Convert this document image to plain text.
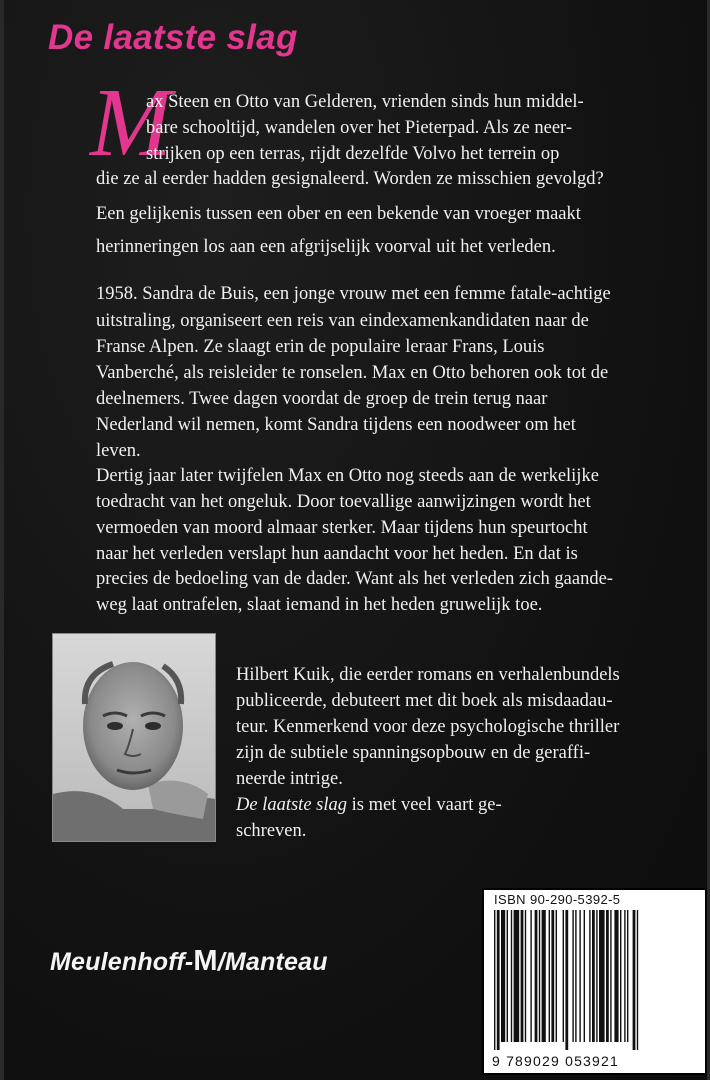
De laatste slag
M
ax Steen en Otto van Gelderen, vrienden sinds hun middel-
bare schooltijd, wandelen over het Pieterpad. Als ze neer-
strijken op een terras, rijdt dezelfde Volvo het terrein op
die ze al eerder hadden gesignaleerd. Worden ze misschien gevolgd?
Een gelijkenis tussen een ober en een bekende van vroeger maakt
herinneringen los aan een afgrijselijk voorval uit het verleden.
1958. Sandra de Buis, een jonge vrouw met een femme fatale-achtige
uitstraling, organiseert een reis van eindexamenkandidaten naar de
Franse Alpen. Ze slaagt erin de populaire leraar Frans, Louis
Vanberché, als reisleider te ronselen. Max en Otto behoren ook tot de
deelnemers. Twee dagen voordat de groep de trein terug naar
Nederland wil nemen, komt Sandra tijdens een noodweer om het
leven.
Dertig jaar later twijfelen Max en Otto nog steeds aan de werkelijke
toedracht van het ongeluk. Door toevallige aanwijzingen wordt het
vermoeden van moord almaar sterker. Maar tijdens hun speurtocht
naar het verleden verslapt hun aandacht voor het heden. En dat is
precies de bedoeling van de dader. Want als het verleden zich gaande-
weg laat ontrafelen, slaat iemand in het heden gruwelijk toe.
Hilbert Kuik, die eerder romans en verhalenbundels
publiceerde, debuteert met dit boek als misdaadau-
teur. Kenmerkend voor deze psychologische thriller
zijn de subtiele spanningsopbouw en de geraffi-
neerde intrige.
De laatste slag is met veel vaart ge-
schreven.
Meulenhoff-M/Manteau
ISBN 90-290-5392-5
9 789029 053921
